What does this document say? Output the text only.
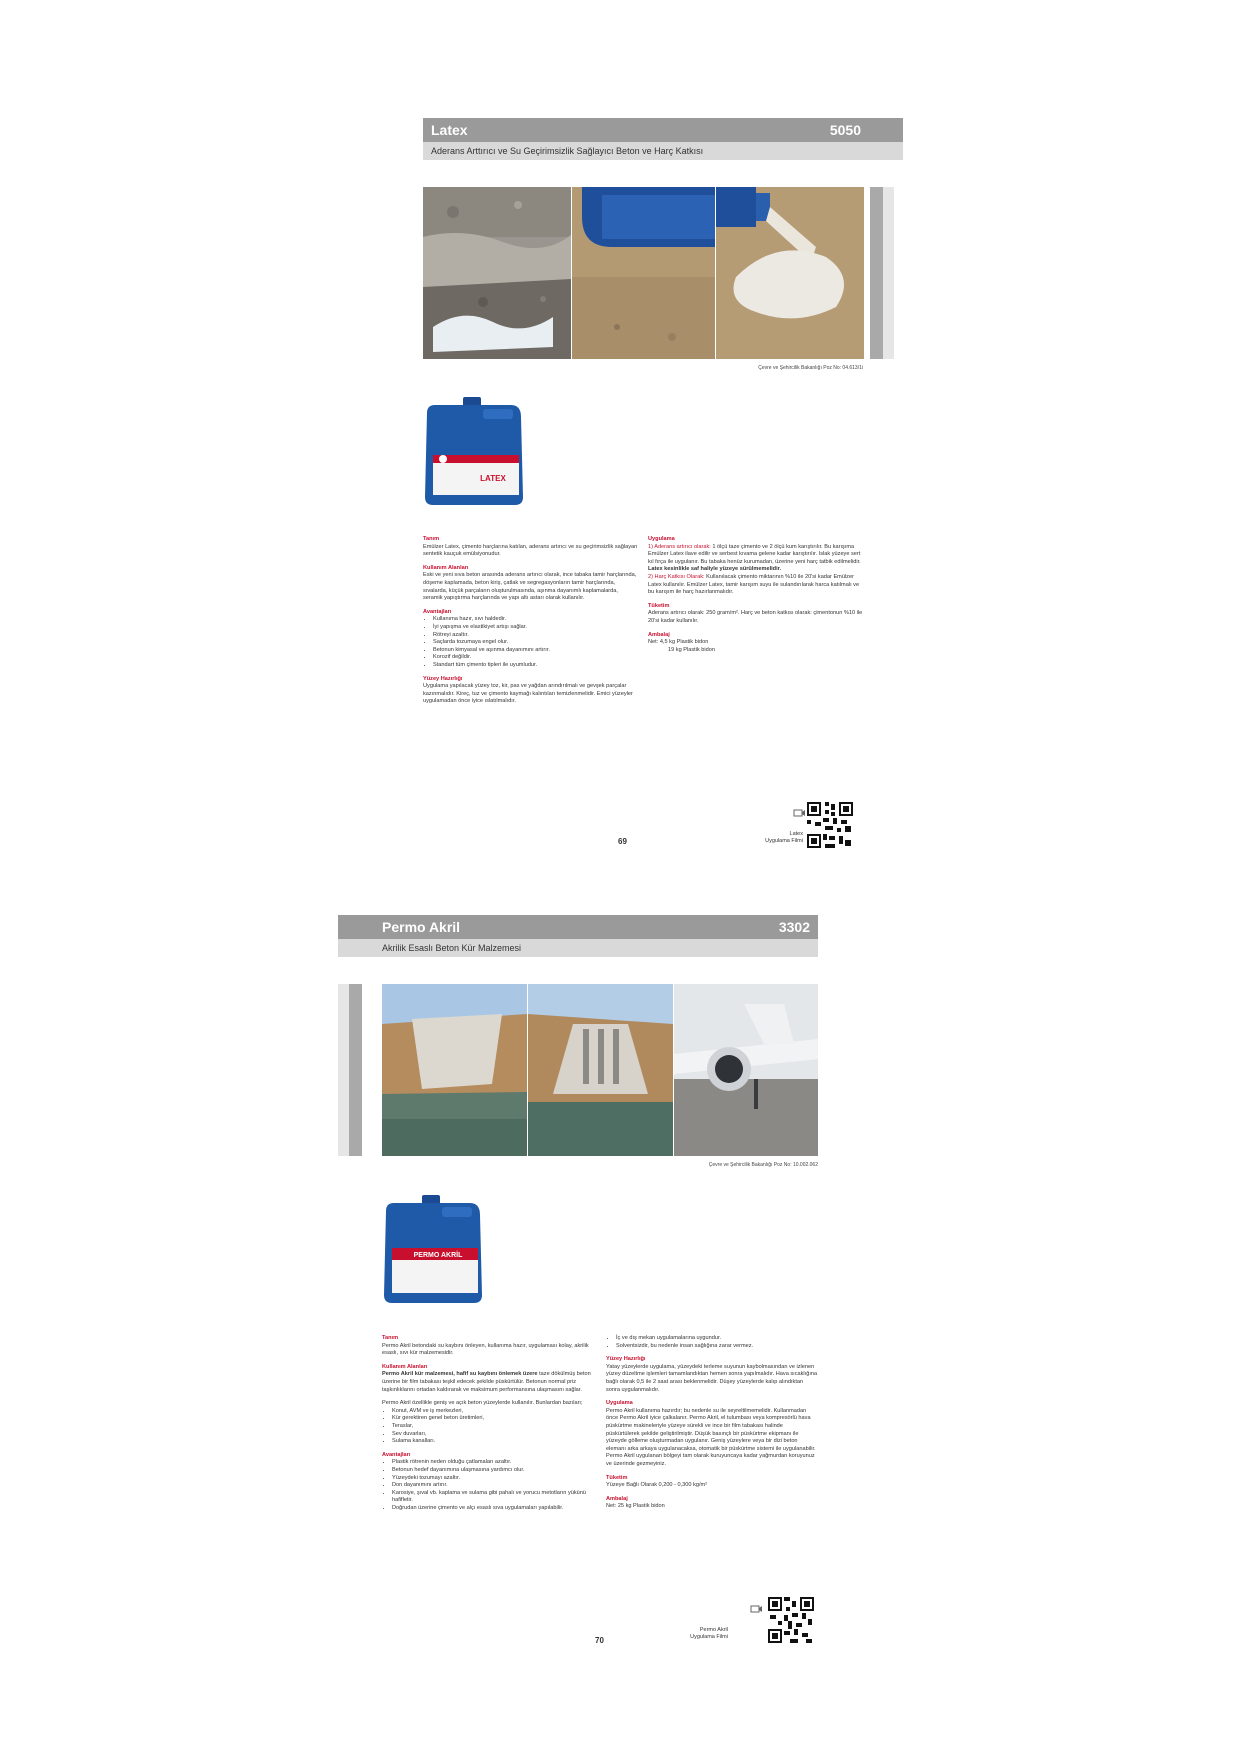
Latex	5050
Aderans Arttırıcı ve Su Geçirimsizlik Sağlayıcı Beton ve Harç Katkısı
Çevre ve Şehircilik Bakanlığı Poz No: 04.613/1i
LATEX
Tanım

Emülzer Latex, çimento harçlarına katılan, aderans artırıcı ve su geçirimsizlik sağlayan sentetik kauçuk emülsiyonudur.

Kullanım Alanları

Eski ve yeni sıva beton arasında aderans artırıcı olarak, ince tabaka tamir harçlarında, döşeme kaplamada, beton kiriş, çatlak ve segregasyonların tamir harçlarında, sıvalarda, küçük parçaların oluşturulmasında, aşınma dayanımlı kaplamalarda, seramik yapıştırma harçlarında ve yapı altı astarı olarak kullanılır.

Avantajları
• Kullanıma hazır, sıvı haldedir.
• İyi yapışma ve elastikiyet artışı sağlar.
• Rötreyi azaltır.
• Saçlarda tozumaya engel olur.
• Betonun kimyasal ve aşınma dayanımını artırır.
• Korozif değildir.
• Standart tüm çimento tipleri ile uyumludur.
Yüzey Hazırlığı

Uygulama yapılacak yüzey toz, kir, pas ve yağdan arındırılmalı ve gevşek parçalar kazınmalıdır. Kireç, tuz ve çimento kaymağı kalıntıları temizlenmelidir. Emici yüzeyler uygulamadan önce iyice ıslatılmalıdır.

Uygulama

1) Aderans artırıcı olarak: 1 ölçü taze çimento ve 2 ölçü kum karıştırılır. Bu karışıma Emülzer Latex ilave edilir ve serbest kıvama gelene kadar karıştırılır. Islak yüzeye sert kıl fırça ile uygulanır. Bu tabaka henüz kurumadan, üzerine yeni harç tatbik edilmelidir. Latex kesinlikle saf haliyle yüzeye sürülmemelidir.

2) Harç Katkısı Olarak: Kullanılacak çimento miktarının %10 ile 20'si kadar Emülzer Latex kullanılır. Emülzer Latex, tamir karışım suyu ile sulandırılarak harca katılmalı ve bu karışım ile harç hazırlanmalıdır.

Tüketim

Aderans artırıcı olarak: 250 gram/m². Harç ve beton katkısı olarak: çimentonun %10 ile 20'si kadar kullanılır.

Ambalaj

Net: 4,5 kg Plastik bidon

19 kg Plastik bidon

Latex
Uygulama Filmi
69
Permo Akril	3302
Akrilik Esaslı Beton Kür Malzemesi
Çevre ve Şehircilik Bakanlığı Poz No: 10.002.062
PERMO AKRİL
Tanım

Permo Akril betondaki su kaybını önleyen, kullanıma hazır, uygulaması kolay, akrilik esaslı, sıvı kür malzemesidir.

Kullanım Alanları

Permo Akril kür malzemesi, hafif su kaybını önlemek üzere taze dökülmüş beton üzerine bir film tabakası teşkil edecek şekilde püskürtülür. Betonun normal priz taşkınlıklarını ortadan kaldırarak ve maksimum performansına ulaşmasını sağlar.

Permo Akril özellikle geniş ve açık beton yüzeylerde kullanılır. Bunlardan bazıları;

• Konut, AVM ve iş merkezleri,
• Kür gerektiren genel beton üretimleri,
• Teraslar,
• Sev duvarları,
• Sulama kanalları.
Avantajları
• Plastik rötrenin neden olduğu çatlamaları azaltır.
• Betonun hedef dayanımına ulaşmasına yardımcı olur.
• Yüzeydeki tozumayı azaltır.
• Don dayanımını artırır.
• Karosiye, şıval vb. kaplama ve sulama gibi pahalı ve yorucu metotların yükünü hafifletir.
• Doğrudan üzerine çimento ve alçı esaslı sıva uygulamaları yapılabilir.
• İç ve dış mekan uygulamalarına uygundur.
• Solventsizdir, bu nedenle insan sağlığına zarar vermez.
Yüzey Hazırlığı

Yatay yüzeylerde uygulama, yüzeydeki terleme suyunun kaybolmasından ve izlenen yüzey düzeltme işlemleri tamamlandıktan hemen sonra yapılmalıdır. Hava sıcaklığına bağlı olarak 0,5 ile 2 saat arası beklenmelidir. Düşey yüzeylerde kalıp alındıktan sonra uygulanmalıdır.

Uygulama

Permo Akril kullanıma hazırdır; bu nedenle su ile seyreltilmemelidir. Kullanmadan önce Permo Akril iyice çalkalanır. Permo Akril, el tulumbası veya kompresörlü hava püskürtme makineleriyle yüzeye sürekli ve ince bir film tabakası halinde püskürtülerek şekilde geliştirilmiştir. Düşük basınçlı bir püskürtme ekipmanı ile yüzeyde gölleme oluşturmadan uygulanır. Geniş yüzeylere veya bir dizi beton elemanı arka arkaya uygulanacaksa, otomatik bir püskürtme sistemi ile uygulanabilir. Permo Akril uygulanan bölgeyi tam olarak kuruyuncaya kadar yağmurdan koruyunuz ve üzerinde gezmeyiniz.

Tüketim

Yüzeye Bağlı Olarak 0,200 - 0,300 kg/m²

Ambalaj

Net: 25 kg Plastik bidon

Permo Akril
Uygulama Filmi
70
